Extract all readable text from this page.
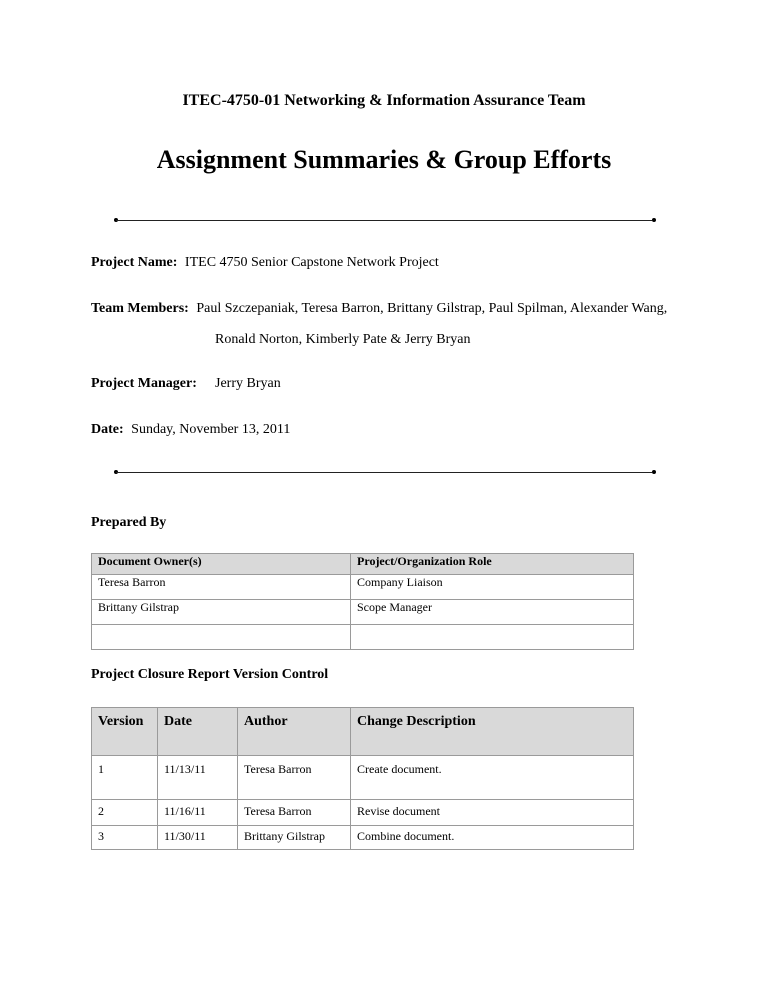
ITEC-4750-01 Networking & Information Assurance Team
Assignment Summaries & Group Efforts
Project Name: ITEC 4750 Senior Capstone Network Project
Team Members: Paul Szczepaniak, Teresa Barron, Brittany Gilstrap, Paul Spilman, Alexander Wang,
Ronald Norton, Kimberly Pate & Jerry Bryan
Project Manager: Jerry Bryan
Date: Sunday, November 13, 2011
Prepared By
Document Owner(s)	Project/Organization Role
Teresa Barron	Company Liaison
Brittany Gilstrap	Scope Manager

Project Closure Report Version Control
Version	Date	Author	Change Description
1	11/13/11	Teresa Barron	Create document.
2	11/16/11	Teresa Barron	Revise document
3	11/30/11	Brittany Gilstrap	Combine document.
